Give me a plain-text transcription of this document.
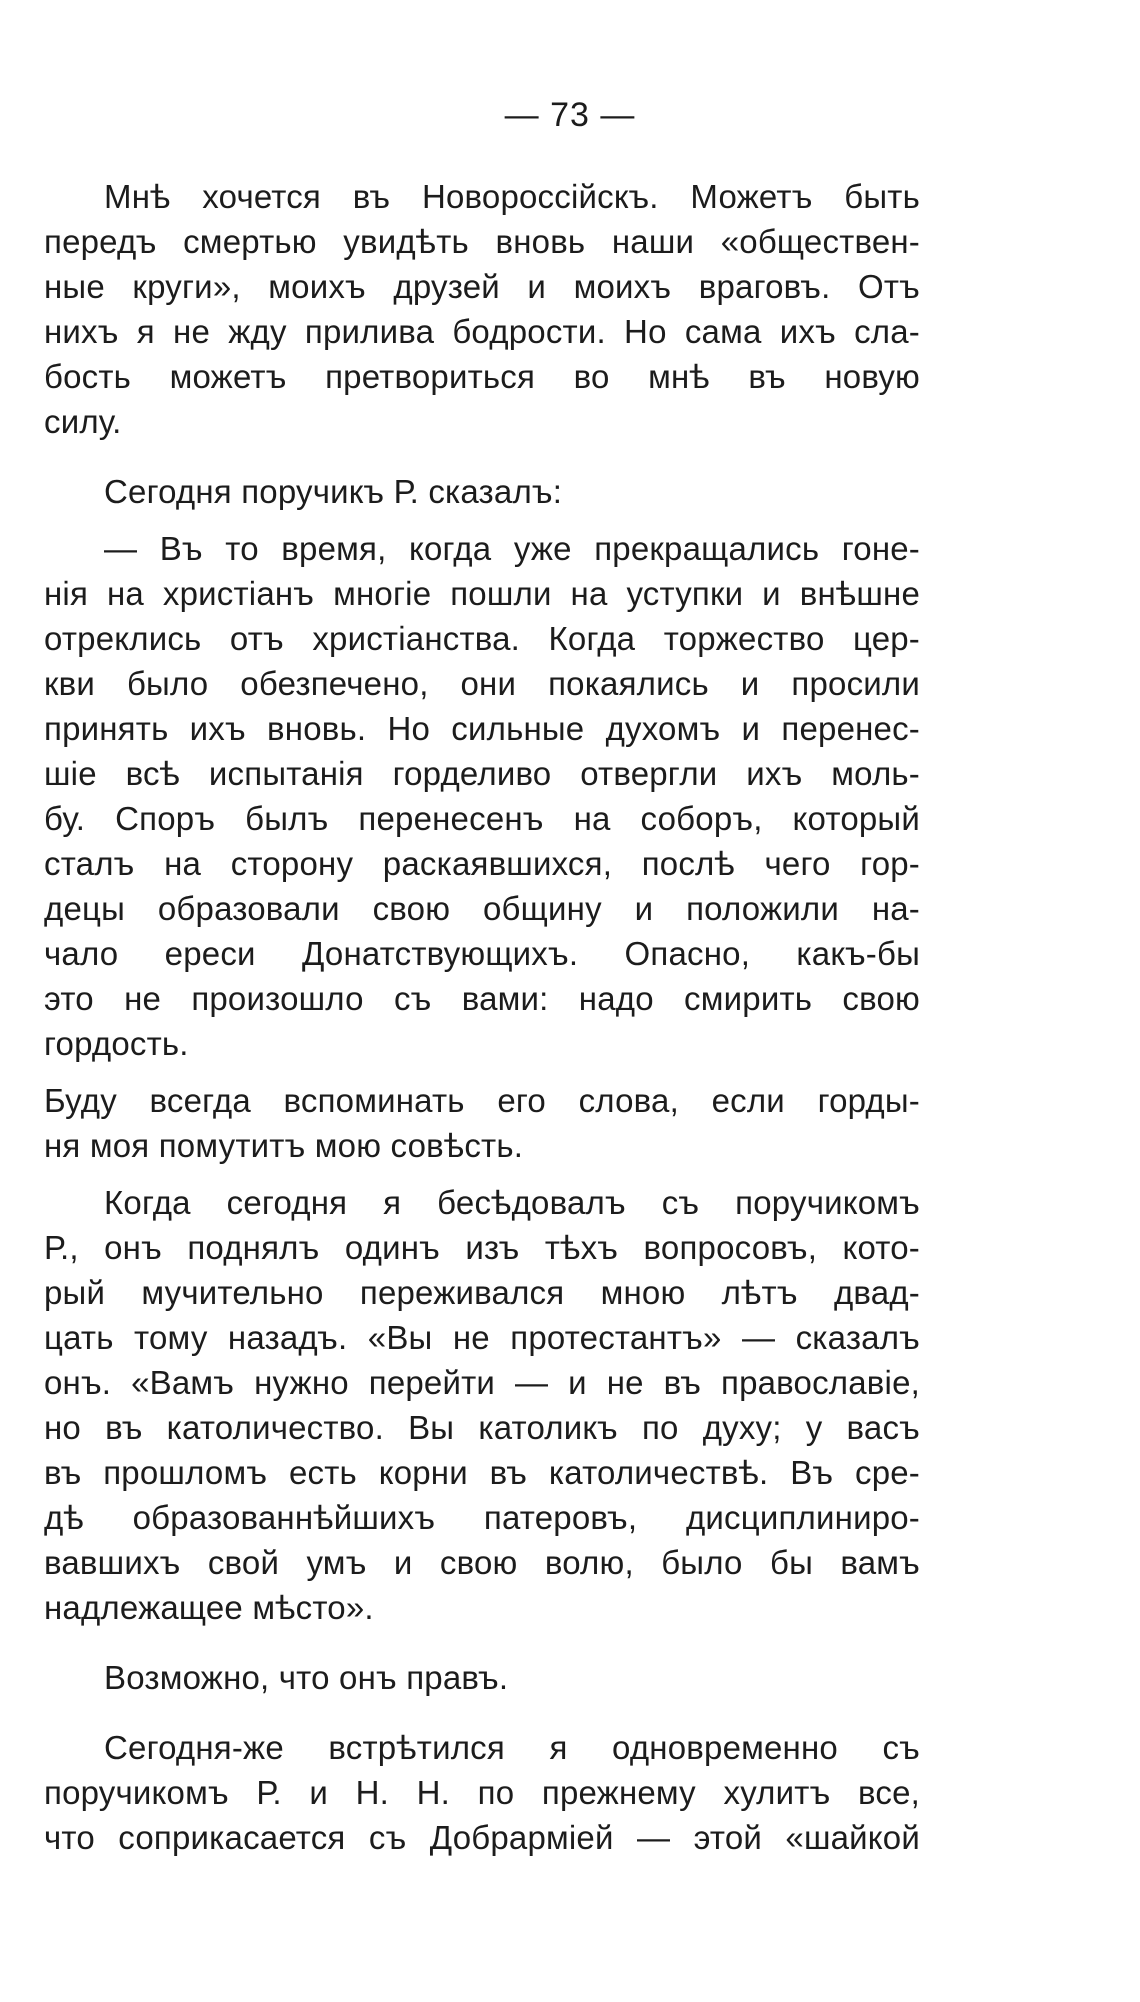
— 73 —
Мнѣ хочется въ Новороссійскъ. Можетъ быть
передъ смертью увидѣть вновь наши «обществен-
ные круги», моихъ друзей и моихъ враговъ. Отъ
нихъ я не жду прилива бодрости. Но сама ихъ сла-
бость можетъ претвориться во мнѣ въ новую
силу.
Сегодня поручикъ Р. сказалъ:
— Въ то время, когда уже прекращались гоне-
нія на христіанъ многіе пошли на уступки и внѣшне
отреклись отъ христіанства. Когда торжество цер-
кви было обезпечено, они покаялись и просили
принять ихъ вновь. Но сильные духомъ и перенес-
шіе всѣ испытанія горделиво отвергли ихъ моль-
бу. Споръ былъ перенесенъ на соборъ, который
сталъ на сторону раскаявшихся, послѣ чего гор-
децы образовали свою общину и положили на-
чало ереси Донатствующихъ. Опасно, какъ-бы
это не произошло съ вами: надо смирить свою
гордость.
Буду всегда вспоминать его слова, если горды-
ня моя помутитъ мою совѣсть.
Когда сегодня я бесѣдовалъ съ поручикомъ
Р., онъ поднялъ одинъ изъ тѣхъ вопросовъ, кото-
рый мучительно переживался мною лѣтъ двад-
цать тому назадъ. «Вы не протестантъ» — сказалъ
онъ. «Вамъ нужно перейти — и не въ православіе,
но въ католичество. Вы католикъ по духу; у васъ
въ прошломъ есть корни въ католичествѣ. Въ сре-
дѣ образованнѣйшихъ патеровъ, дисциплиниро-
вавшихъ свой умъ и свою волю, было бы вамъ
надлежащее мѣсто».
Возможно, что онъ правъ.
Сегодня-же встрѣтился я одновременно съ
поручикомъ Р. и Н. Н. по прежнему хулитъ все,
что соприкасается съ Добрарміей — этой «шайкой
